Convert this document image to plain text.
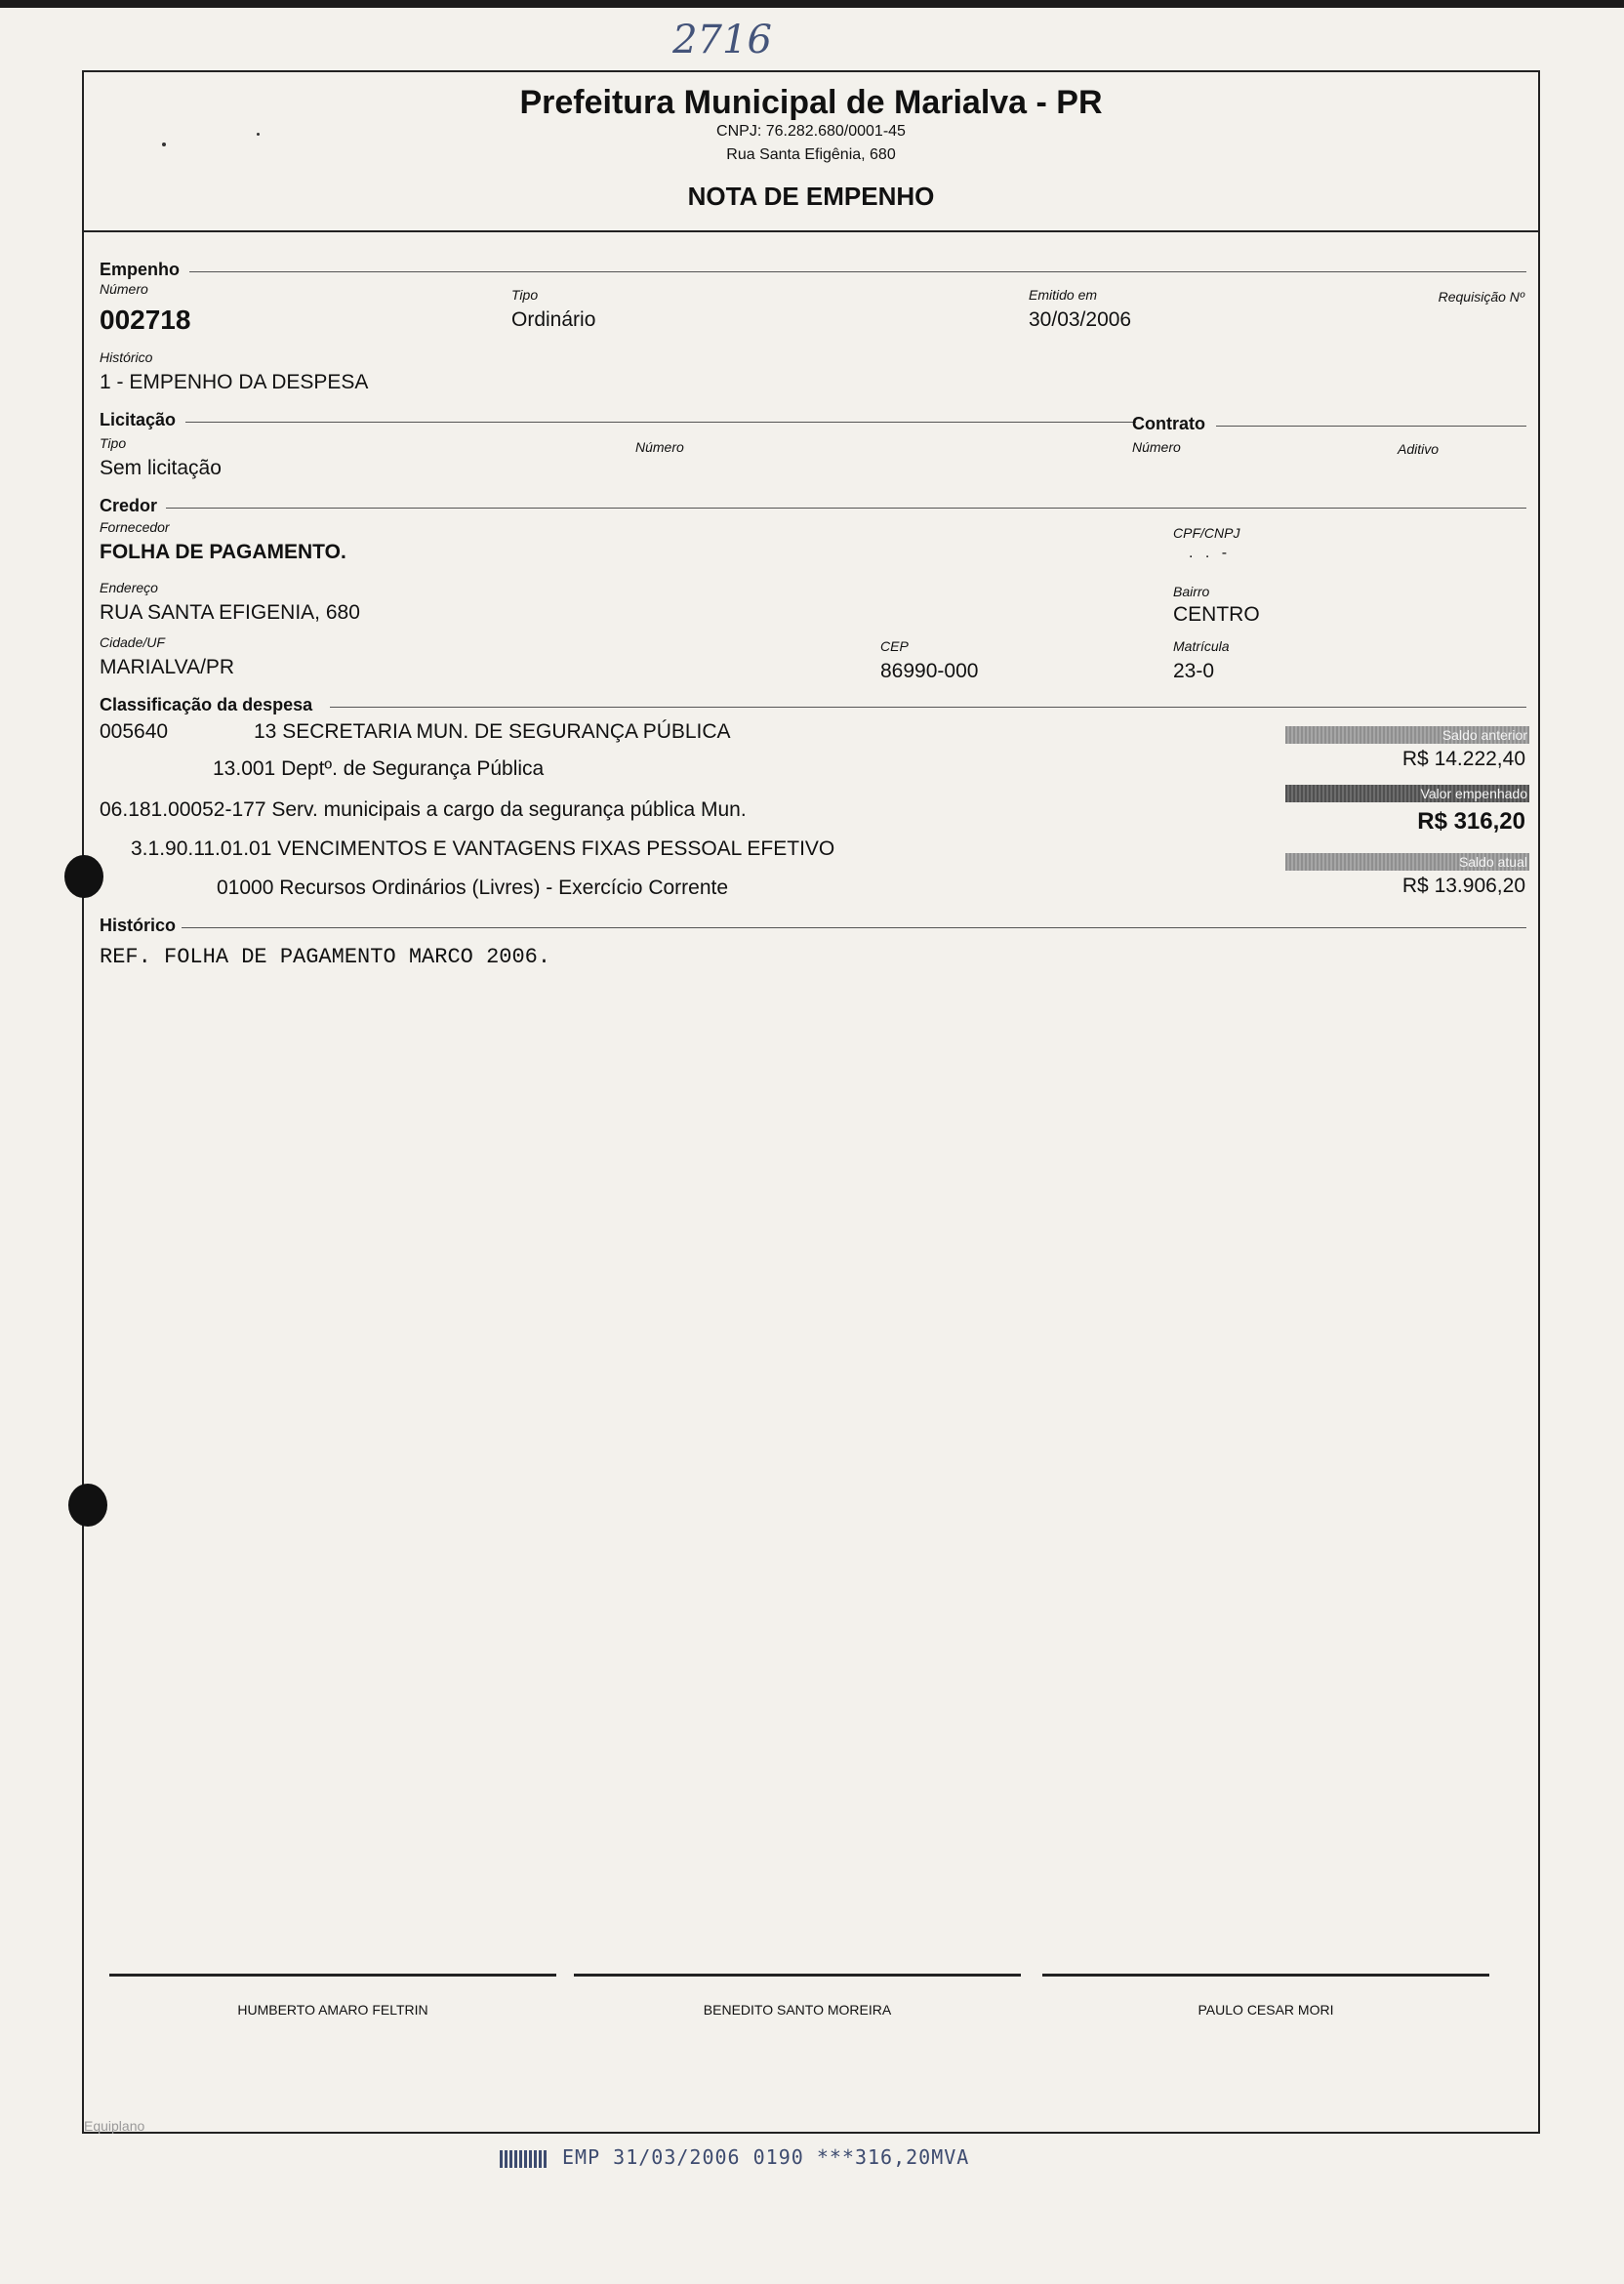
2716
Prefeitura Municipal de Marialva - PR
CNPJ: 76.282.680/0001-45
Rua Santa Efigênia, 680
NOTA DE EMPENHO
Empenho
Número
002718
Tipo
Ordinário
Emitido em
30/03/2006
Requisição Nº
Histórico
1 - EMPENHO DA DESPESA
Licitação	Contrato
Tipo
Sem licitação
Número	Número	Aditivo
Credor
Fornecedor
FOLHA DE PAGAMENTO.
CPF/CNPJ
. . -
Endereço
RUA SANTA EFIGENIA, 680
Bairro
CENTRO
Cidade/UF
MARIALVA/PR
CEP
86990-000
Matrícula
23-0
Classificação da despesa
005640	13 SECRETARIA MUN. DE SEGURANÇA PÚBLICA
13.001 Deptº. de Segurança Pública
06.181.00052-177 Serv. municipais a cargo da segurança pública Mun.
3.1.90.11.01.01 VENCIMENTOS E VANTAGENS FIXAS PESSOAL EFETIVO
01000 Recursos Ordinários (Livres) - Exercício Corrente
Saldo anterior
R$ 14.222,40
Valor empenhado
R$ 316,20
Saldo atual
R$ 13.906,20
Histórico
REF. FOLHA DE PAGAMENTO MARCO 2006.
HUMBERTO AMARO FELTRIN	BENEDITO SANTO MOREIRA	PAULO CESAR MORI
Equiplano
EMP 31/03/2006 0190 ***316,20MVA
